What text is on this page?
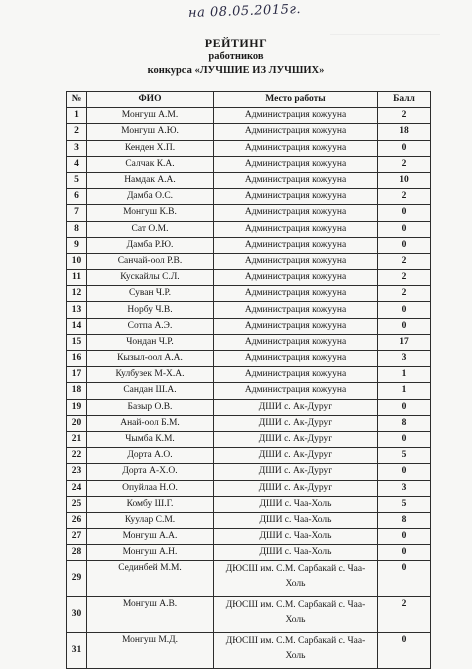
на 08.05.2015г.
РЕЙТИНГ
работников
конкурса «ЛУЧШИЕ ИЗ ЛУЧШИХ»
№	ФИО	Место работы	Балл
1	Монгуш А.М.	Администрация кожууна	2
2	Монгуш А.Ю.	Администрация кожууна	18
3	Кенден Х.П.	Администрация кожууна	0
4	Салчак К.А.	Администрация кожууна	2
5	Намдак А.А.	Администрация кожууна	10
6	Дамба О.С.	Администрация кожууна	2
7	Монгуш К.В.	Администрация кожууна	0
8	Сат О.М.	Администрация кожууна	0
9	Дамба Р.Ю.	Администрация кожууна	0
10	Санчай-оол Р.В.	Администрация кожууна	2
11	Кускайлы С.Л.	Администрация кожууна	2
12	Суван Ч.Р.	Администрация кожууна	2
13	Норбу Ч.В.	Администрация кожууна	0
14	Сотпа А.Э.	Администрация кожууна	0
15	Чондан Ч.Р.	Администрация кожууна	17
16	Кызыл-оол А.А.	Администрация кожууна	3
17	Кулбузек М-Х.А.	Администрация кожууна	1
18	Сандан Ш.А.	Администрация кожууна	1
19	Базыр О.В.	ДШИ с. Ак-Дуруг	0
20	Анай-оол Б.М.	ДШИ с. Ак-Дуруг	8
21	Чымба К.М.	ДШИ с. Ак-Дуруг	0
22	Дорта А.О.	ДШИ с. Ак-Дуруг	5
23	Дорта А-Х.О.	ДШИ с. Ак-Дуруг	0
24	Опуйлаа Н.О.	ДШИ с. Ак-Дуруг	3
25	Комбу Ш.Г.	ДШИ с. Чаа-Холь	5
26	Куулар С.М.	ДШИ с. Чаа-Холь	8
27	Монгуш А.А.	ДШИ с. Чаа-Холь	0
28	Монгуш А.Н.	ДШИ с. Чаа-Холь	0
29	Сединбей М.М.	ДЮСШ им. С.М. Сарбакай с. Чаа-Холь	0
30	Монгуш А.В.	ДЮСШ им. С.М. Сарбакай с. Чаа-Холь	2
31	Монгуш М.Д.	ДЮСШ им. С.М. Сарбакай с. Чаа-Холь	0
